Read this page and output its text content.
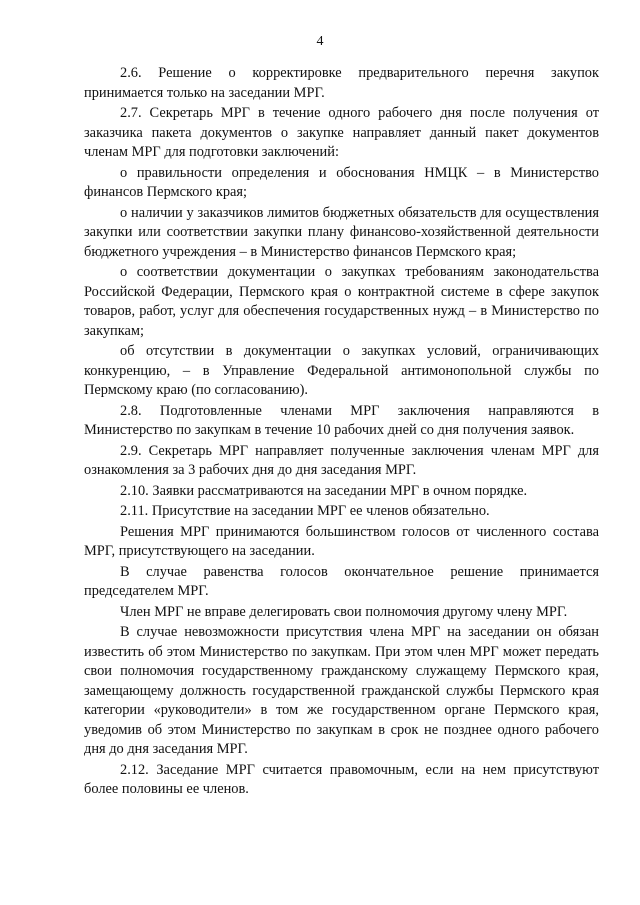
4

2.6. Решение о корректировке предварительного перечня закупок принимается только на заседании МРГ.

2.7. Секретарь МРГ в течение одного рабочего дня после получения от заказчика пакета документов о закупке направляет данный пакет документов членам МРГ для подготовки заключений:

о правильности определения и обоснования НМЦК – в Министерство финансов Пермского края;

о наличии у заказчиков лимитов бюджетных обязательств для осуществления закупки или соответствии закупки плану финансово-хозяйственной деятельности бюджетного учреждения – в Министерство финансов Пермского края;

о соответствии документации о закупках требованиям законодательства Российской Федерации, Пермского края о контрактной системе в сфере закупок товаров, работ, услуг для обеспечения государственных нужд – в Министерство по закупкам;

об отсутствии в документации о закупках условий, ограничивающих конкуренцию, – в Управление Федеральной антимонопольной службы по Пермскому краю (по согласованию).

2.8. Подготовленные членами МРГ заключения направляются в Министерство по закупкам в течение 10 рабочих дней со дня получения заявок.

2.9. Секретарь МРГ направляет полученные заключения членам МРГ для ознакомления за 3 рабочих дня до дня заседания МРГ.

2.10. Заявки рассматриваются на заседании МРГ в очном порядке.

2.11. Присутствие на заседании МРГ ее членов обязательно.

Решения МРГ принимаются большинством голосов от численного состава МРГ, присутствующего на заседании.

В случае равенства голосов окончательное решение принимается председателем МРГ.

Член МРГ не вправе делегировать свои полномочия другому члену МРГ.

В случае невозможности присутствия члена МРГ на заседании он обязан известить об этом Министерство по закупкам. При этом член МРГ может передать свои полномочия государственному гражданскому служащему Пермского края, замещающему должность государственной гражданской службы Пермского края категории «руководители» в том же государственном органе Пермского края, уведомив об этом Министерство по закупкам в срок не позднее одного рабочего дня до дня заседания МРГ.

2.12. Заседание МРГ считается правомочным, если на нем присутствуют более половины ее членов.
